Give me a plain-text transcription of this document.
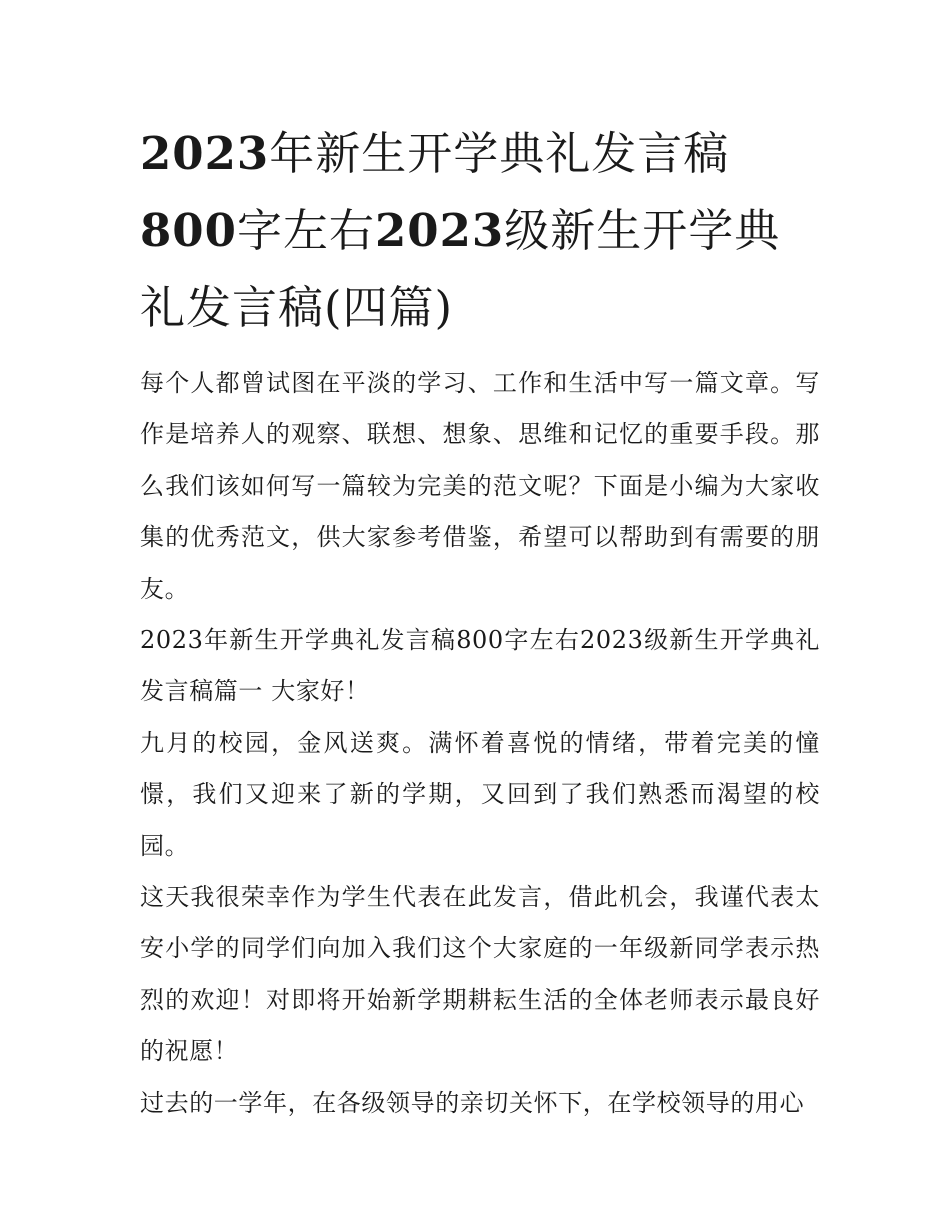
2023年新生开学典礼发言稿
800字左右2023级新生开学典礼发言稿(四篇)

每个人都曾试图在平淡的学习、工作和生活中写一篇文章。写作是培养人的观察、联想、想象、思维和记忆的重要手段。那么我们该如何写一篇较为完美的范文呢？下面是小编为大家收集的优秀范文，供大家参考借鉴，希望可以帮助到有需要的朋友。

2023年新生开学典礼发言稿800字左右2023级新生开学典礼发言稿篇一 大家好！

九月的校园，金风送爽。满怀着喜悦的情绪，带着完美的憧憬，我们又迎来了新的学期，又回到了我们熟悉而渴望的校园。

这天我很荣幸作为学生代表在此发言，借此机会，我谨代表太安小学的同学们向加入我们这个大家庭的一年级新同学表示热烈的欢迎！对即将开始新学期耕耘生活的全体老师表示最良好的祝愿！

过去的一学年，在各级领导的亲切关怀下，在学校领导的用心
